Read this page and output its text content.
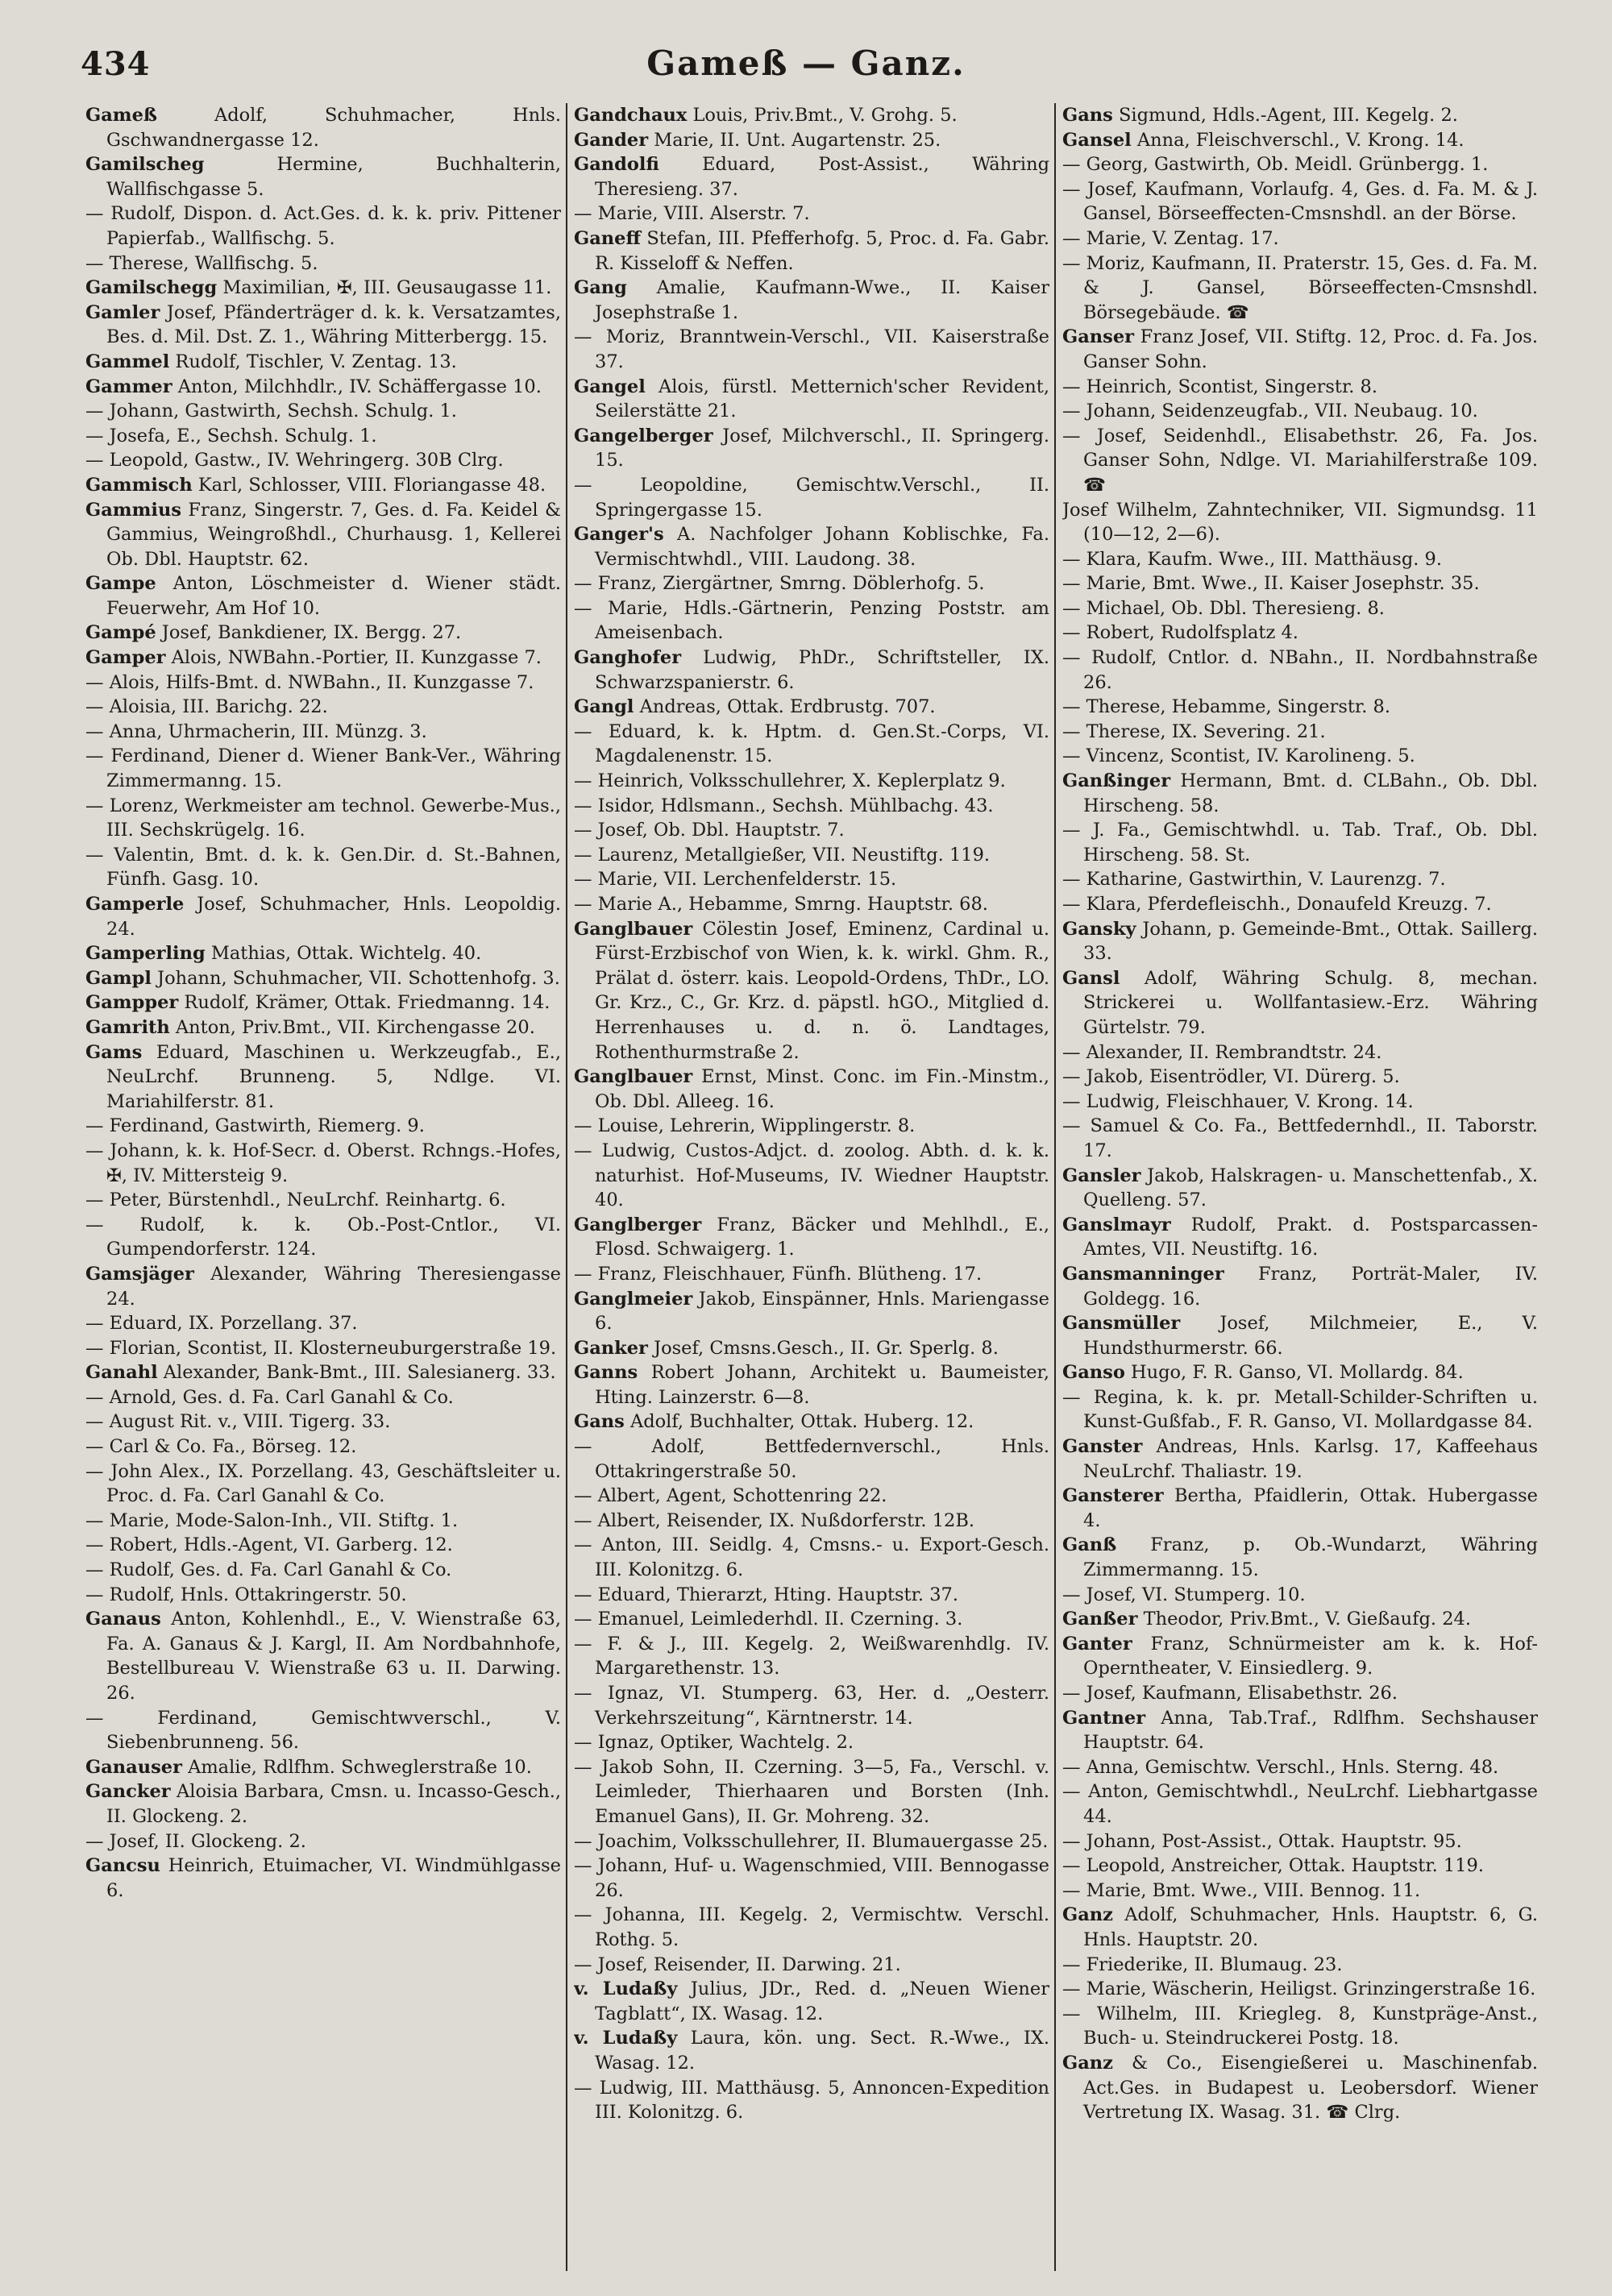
434	Gameß — Ganz.

Gameß Adolf, Schuhmacher, Hnls. Gschwandnergasse 12.

Gamilscheg Hermine, Buchhalterin, Wallfischgasse 5.

— Rudolf, Dispon. d. Act.Ges. d. k. k. priv. Pittener Papierfab., Wallfischg. 5.

— Therese, Wallfischg. 5.

Gamilschegg Maximilian, ✠, III. Geusaugasse 11.

Gamler Josef, Pfänderträger d. k. k. Versatzamtes, Bes. d. Mil. Dst. Z. 1., Währing Mitterbergg. 15.

Gammel Rudolf, Tischler, V. Zentag. 13.

Gammer Anton, Milchhdlr., IV. Schäffergasse 10.

— Johann, Gastwirth, Sechsh. Schulg. 1.

— Josefa, E., Sechsh. Schulg. 1.

— Leopold, Gastw., IV. Wehringerg. 30B Clrg.

Gammisch Karl, Schlosser, VIII. Floriangasse 48.

Gammius Franz, Singerstr. 7, Ges. d. Fa. Keidel & Gammius, Weingroßhdl., Churhausg. 1, Kellerei Ob. Dbl. Hauptstr. 62.

Gampe Anton, Löschmeister d. Wiener städt. Feuerwehr, Am Hof 10.

Gampé Josef, Bankdiener, IX. Bergg. 27.

Gamper Alois, NWBahn.-Portier, II. Kunzgasse 7.

— Alois, Hilfs-Bmt. d. NWBahn., II. Kunzgasse 7.

— Aloisia, III. Barichg. 22.

— Anna, Uhrmacherin, III. Münzg. 3.

— Ferdinand, Diener d. Wiener Bank-Ver., Währing Zimmermanng. 15.

— Lorenz, Werkmeister am technol. Gewerbe-Mus., III. Sechskrügelg. 16.

— Valentin, Bmt. d. k. k. Gen.Dir. d. St.-Bahnen, Fünfh. Gasg. 10.

Gamperle Josef, Schuhmacher, Hnls. Leopoldig. 24.

Gamperling Mathias, Ottak. Wichtelg. 40.

Gampl Johann, Schuhmacher, VII. Schottenhofg. 3.

Gampper Rudolf, Krämer, Ottak. Friedmanng. 14.

Gamrith Anton, Priv.Bmt., VII. Kirchengasse 20.

Gams Eduard, Maschinen u. Werkzeugfab., E., NeuLrchf. Brunneng. 5, Ndlge. VI. Mariahilferstr. 81.

— Ferdinand, Gastwirth, Riemerg. 9.

— Johann, k. k. Hof-Secr. d. Oberst. Rchngs.-Hofes, ✠, IV. Mittersteig 9.

— Peter, Bürstenhdl., NeuLrchf. Reinhartg. 6.

— Rudolf, k. k. Ob.-Post-Cntlor., VI. Gumpendorferstr. 124.

Gamsjäger Alexander, Währing Theresiengasse 24.

— Eduard, IX. Porzellang. 37.

— Florian, Scontist, II. Klosterneuburgerstraße 19.

Ganahl Alexander, Bank-Bmt., III. Salesianerg. 33.

— Arnold, Ges. d. Fa. Carl Ganahl & Co.

— August Rit. v., VIII. Tigerg. 33.

— Carl & Co. Fa., Börseg. 12.

— John Alex., IX. Porzellang. 43, Geschäftsleiter u. Proc. d. Fa. Carl Ganahl & Co.

— Marie, Mode-Salon-Inh., VII. Stiftg. 1.

— Robert, Hdls.-Agent, VI. Garberg. 12.

— Rudolf, Ges. d. Fa. Carl Ganahl & Co.

— Rudolf, Hnls. Ottakringerstr. 50.

Ganaus Anton, Kohlenhdl., E., V. Wienstraße 63, Fa. A. Ganaus & J. Kargl, II. Am Nordbahnhofe, Bestellbureau V. Wienstraße 63 u. II. Darwing. 26.

— Ferdinand, Gemischtwverschl., V. Siebenbrunneng. 56.

Ganauser Amalie, Rdlfhm. Schweglerstraße 10.

Gancker Aloisia Barbara, Cmsn. u. Incasso-Gesch., II. Glockeng. 2.

— Josef, II. Glockeng. 2.

Gancsu Heinrich, Etuimacher, VI. Windmühlgasse 6.

Gandchaux Louis, Priv.Bmt., V. Grohg. 5.

Gander Marie, II. Unt. Augartenstr. 25.

Gandolfi Eduard, Post-Assist., Währing Theresieng. 37.

— Marie, VIII. Alserstr. 7.

Ganeff Stefan, III. Pfefferhofg. 5, Proc. d. Fa. Gabr. R. Kisseloff & Neffen.

Gang Amalie, Kaufmann-Wwe., II. Kaiser Josephstraße 1.

— Moriz, Branntwein-Verschl., VII. Kaiserstraße 37.

Gangel Alois, fürstl. Metternich'scher Revident, Seilerstätte 21.

Gangelberger Josef, Milchverschl., II. Springerg. 15.

— Leopoldine, Gemischtw.Verschl., II. Springergasse 15.

Ganger's A. Nachfolger Johann Koblischke, Fa. Vermischtwhdl., VIII. Laudong. 38.

— Franz, Ziergärtner, Smrng. Döblerhofg. 5.

— Marie, Hdls.-Gärtnerin, Penzing Poststr. am Ameisenbach.

Ganghofer Ludwig, PhDr., Schriftsteller, IX. Schwarzspanierstr. 6.

Gangl Andreas, Ottak. Erdbrustg. 707.

— Eduard, k. k. Hptm. d. Gen.St.-Corps, VI. Magdalenenstr. 15.

— Heinrich, Volksschullehrer, X. Keplerplatz 9.

— Isidor, Hdlsmann., Sechsh. Mühlbachg. 43.

— Josef, Ob. Dbl. Hauptstr. 7.

— Laurenz, Metallgießer, VII. Neustiftg. 119.

— Marie, VII. Lerchenfelderstr. 15.

— Marie A., Hebamme, Smrng. Hauptstr. 68.

Ganglbauer Cölestin Josef, Eminenz, Cardinal u. Fürst-Erzbischof von Wien, k. k. wirkl. Ghm. R., Prälat d. österr. kais. Leopold-Ordens, ThDr., LO. Gr. Krz., C., Gr. Krz. d. päpstl. hGO., Mitglied d. Herrenhauses u. d. n. ö. Landtages, Rothenthurmstraße 2.

Ganglbauer Ernst, Minst. Conc. im Fin.-Minstm., Ob. Dbl. Alleeg. 16.

— Louise, Lehrerin, Wipplingerstr. 8.

— Ludwig, Custos-Adjct. d. zoolog. Abth. d. k. k. naturhist. Hof-Museums, IV. Wiedner Hauptstr. 40.

Ganglberger Franz, Bäcker und Mehlhdl., E., Flosd. Schwaigerg. 1.

— Franz, Fleischhauer, Fünfh. Blütheng. 17.

Ganglmeier Jakob, Einspänner, Hnls. Mariengasse 6.

Ganker Josef, Cmsns.Gesch., II. Gr. Sperlg. 8.

Ganns Robert Johann, Architekt u. Baumeister, Hting. Lainzerstr. 6—8.

Gans Adolf, Buchhalter, Ottak. Huberg. 12.

— Adolf, Bettfedernverschl., Hnls. Ottakringerstraße 50.

— Albert, Agent, Schottenring 22.

— Albert, Reisender, IX. Nußdorferstr. 12B.

— Anton, III. Seidlg. 4, Cmsns.- u. Export-Gesch. III. Kolonitzg. 6.

— Eduard, Thierarzt, Hting. Hauptstr. 37.

— Emanuel, Leimlederhdl. II. Czerning. 3.

— F. & J., III. Kegelg. 2, Weißwarenhdlg. IV. Margarethenstr. 13.

— Ignaz, VI. Stumperg. 63, Her. d. „Oesterr. Verkehrszeitung“, Kärntnerstr. 14.

— Ignaz, Optiker, Wachtelg. 2.

— Jakob Sohn, II. Czerning. 3—5, Fa., Verschl. v. Leimleder, Thierhaaren und Borsten (Inh. Emanuel Gans), II. Gr. Mohreng. 32.

— Joachim, Volksschullehrer, II. Blumauergasse 25.

— Johann, Huf- u. Wagenschmied, VIII. Bennogasse 26.

— Johanna, III. Kegelg. 2, Vermischtw. Verschl. Rothg. 5.

— Josef, Reisender, II. Darwing. 21.

v. Ludaßy Julius, JDr., Red. d. „Neuen Wiener Tagblatt“, IX. Wasag. 12.

v. Ludaßy Laura, kön. ung. Sect. R.-Wwe., IX. Wasag. 12.

— Ludwig, III. Matthäusg. 5, Annoncen-Expedition III. Kolonitzg. 6.

Gans Sigmund, Hdls.-Agent, III. Kegelg. 2.

Gansel Anna, Fleischverschl., V. Krong. 14.

— Georg, Gastwirth, Ob. Meidl. Grünbergg. 1.

— Josef, Kaufmann, Vorlaufg. 4, Ges. d. Fa. M. & J. Gansel, Börseeffecten-Cmsnshdl. an der Börse.

— Marie, V. Zentag. 17.

— Moriz, Kaufmann, II. Praterstr. 15, Ges. d. Fa. M. & J. Gansel, Börseeffecten-Cmsnshdl. Börsegebäude. ☎

Ganser Franz Josef, VII. Stiftg. 12, Proc. d. Fa. Jos. Ganser Sohn.

— Heinrich, Scontist, Singerstr. 8.

— Johann, Seidenzeugfab., VII. Neubaug. 10.

— Josef, Seidenhdl., Elisabethstr. 26, Fa. Jos. Ganser Sohn, Ndlge. VI. Mariahilferstraße 109. ☎

Josef Wilhelm, Zahntechniker, VII. Sigmundsg. 11 (10—12, 2—6).

— Klara, Kaufm. Wwe., III. Matthäusg. 9.

— Marie, Bmt. Wwe., II. Kaiser Josephstr. 35.

— Michael, Ob. Dbl. Theresieng. 8.

— Robert, Rudolfsplatz 4.

— Rudolf, Cntlor. d. NBahn., II. Nordbahnstraße 26.

— Therese, Hebamme, Singerstr. 8.

— Therese, IX. Severing. 21.

— Vincenz, Scontist, IV. Karolineng. 5.

Ganßinger Hermann, Bmt. d. CLBahn., Ob. Dbl. Hirscheng. 58.

— J. Fa., Gemischtwhdl. u. Tab. Traf., Ob. Dbl. Hirscheng. 58. St.

— Katharine, Gastwirthin, V. Laurenzg. 7.

— Klara, Pferdefleischh., Donaufeld Kreuzg. 7.

Gansky Johann, p. Gemeinde-Bmt., Ottak. Saillerg. 33.

Gansl Adolf, Währing Schulg. 8, mechan. Strickerei u. Wollfantasiew.-Erz. Währing Gürtelstr. 79.

— Alexander, II. Rembrandtstr. 24.

— Jakob, Eisentrödler, VI. Dürerg. 5.

— Ludwig, Fleischhauer, V. Krong. 14.

— Samuel & Co. Fa., Bettfedernhdl., II. Taborstr. 17.

Gansler Jakob, Halskragen- u. Manschettenfab., X. Quelleng. 57.

Ganslmayr Rudolf, Prakt. d. Postsparcassen-Amtes, VII. Neustiftg. 16.

Gansmanninger Franz, Porträt-Maler, IV. Goldegg. 16.

Gansmüller Josef, Milchmeier, E., V. Hundsthurmerstr. 66.

Ganso Hugo, F. R. Ganso, VI. Mollardg. 84.

— Regina, k. k. pr. Metall-Schilder-Schriften u. Kunst-Gußfab., F. R. Ganso, VI. Mollardgasse 84.

Ganster Andreas, Hnls. Karlsg. 17, Kaffeehaus NeuLrchf. Thaliastr. 19.

Gansterer Bertha, Pfaidlerin, Ottak. Hubergasse 4.

Ganß Franz, p. Ob.-Wundarzt, Währing Zimmermanng. 15.

— Josef, VI. Stumperg. 10.

Ganßer Theodor, Priv.Bmt., V. Gießaufg. 24.

Ganter Franz, Schnürmeister am k. k. Hof-Operntheater, V. Einsiedlerg. 9.

— Josef, Kaufmann, Elisabethstr. 26.

Gantner Anna, Tab.Traf., Rdlfhm. Sechshauser Hauptstr. 64.

— Anna, Gemischtw. Verschl., Hnls. Sterng. 48.

— Anton, Gemischtwhdl., NeuLrchf. Liebhartgasse 44.

— Johann, Post-Assist., Ottak. Hauptstr. 95.

— Leopold, Anstreicher, Ottak. Hauptstr. 119.

— Marie, Bmt. Wwe., VIII. Bennog. 11.

Ganz Adolf, Schuhmacher, Hnls. Hauptstr. 6, G. Hnls. Hauptstr. 20.

— Friederike, II. Blumaug. 23.

— Marie, Wäscherin, Heiligst. Grinzingerstraße 16.

— Wilhelm, III. Kriegleg. 8, Kunstpräge-Anst., Buch- u. Steindruckerei Postg. 18.

Ganz & Co., Eisengießerei u. Maschinenfab. Act.Ges. in Budapest u. Leobersdorf. Wiener Vertretung IX. Wasag. 31. ☎ Clrg.
